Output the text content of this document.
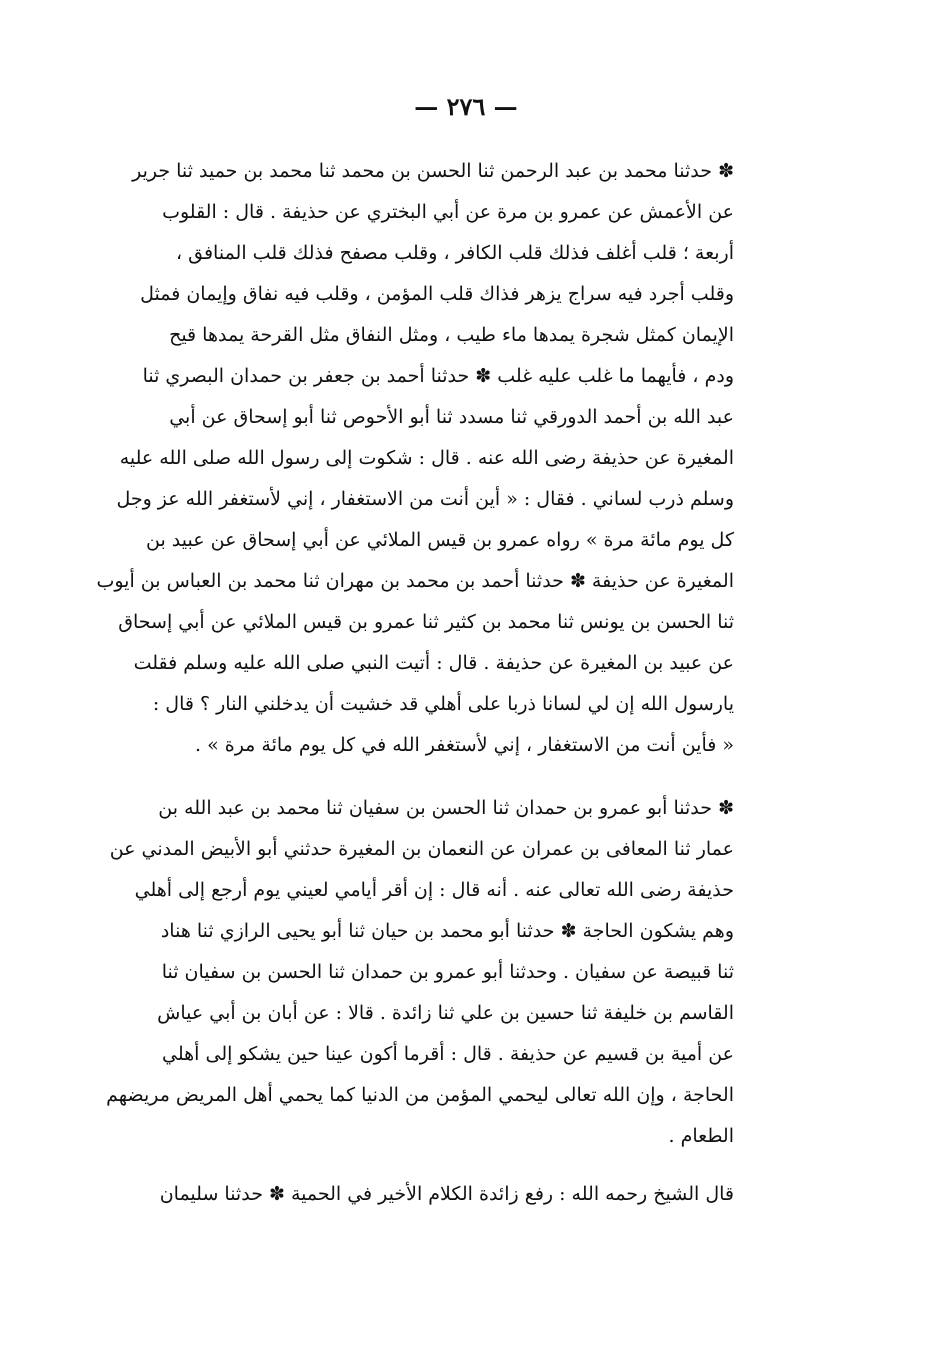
— ٢٧٦ —
✽ حدثنا محمد بن عبد الرحمن ثنا الحسن بن محمد ثنا محمد بن حميد ثنا جرير
عن الأعمش عن عمرو بن مرة عن أبي البختري عن حذيفة . قال : القلوب
أربعة ؛ قلب أغلف فذلك قلب الكافر ، وقلب مصفح فذلك قلب المنافق ،
وقلب أجرد فيه سراج يزهر فذاك قلب المؤمن ، وقلب فيه نفاق وإيمان فمثل
الإيمان كمثل شجرة يمدها ماء طيب ، ومثل النفاق مثل القرحة يمدها قيح
ودم ، فأيهما ما غلب عليه غلب ✽ حدثنا أحمد بن جعفر بن حمدان البصري ثنا
عبد الله بن أحمد الدورقي ثنا مسدد ثنا أبو الأحوص ثنا أبو إسحاق عن أبي
المغيرة عن حذيفة رضى الله عنه . قال : شكوت إلى رسول الله صلى الله عليه
وسلم ذرب لساني . فقال : « أين أنت من الاستغفار ، إني لأستغفر الله عز وجل
كل يوم مائة مرة » رواه عمرو بن قيس الملائي عن أبي إسحاق عن عبيد بن
المغيرة عن حذيفة ✽ حدثنا أحمد بن محمد بن مهران ثنا محمد بن العباس بن أيوب
ثنا الحسن بن يونس ثنا محمد بن كثير ثنا عمرو بن قيس الملائي عن أبي إسحاق
عن عبيد بن المغيرة عن حذيفة . قال : أتيت النبي صلى الله عليه وسلم فقلت
يارسول الله إن لي لسانا ذربا على أهلي قد خشيت أن يدخلني النار ؟ قال :
« فأين أنت من الاستغفار ، إني لأستغفر الله في كل يوم مائة مرة » .
✽ حدثنا أبو عمرو بن حمدان ثنا الحسن بن سفيان ثنا محمد بن عبد الله بن
عمار ثنا المعافى بن عمران عن النعمان بن المغيرة حدثني أبو الأبيض المدني عن
حذيفة رضى الله تعالى عنه . أنه قال : إن أقر أيامي لعيني يوم أرجع إلى أهلي
وهم يشكون الحاجة ✽ حدثنا أبو محمد بن حيان ثنا أبو يحيى الرازي ثنا هناد
ثنا قبيصة عن سفيان . وحدثنا أبو عمرو بن حمدان ثنا الحسن بن سفيان ثنا
القاسم بن خليفة ثنا حسين بن علي ثنا زائدة . قالا : عن أبان بن أبي عياش
عن أمية بن قسيم عن حذيفة . قال : أقرما أكون عينا حين يشكو إلى أهلي
الحاجة ، وإن الله تعالى ليحمي المؤمن من الدنيا كما يحمي أهل المريض مريضهم
الطعام .
قال الشيخ رحمه الله : رفع زائدة الكلام الأخير في الحمية ✽ حدثنا سليمان
